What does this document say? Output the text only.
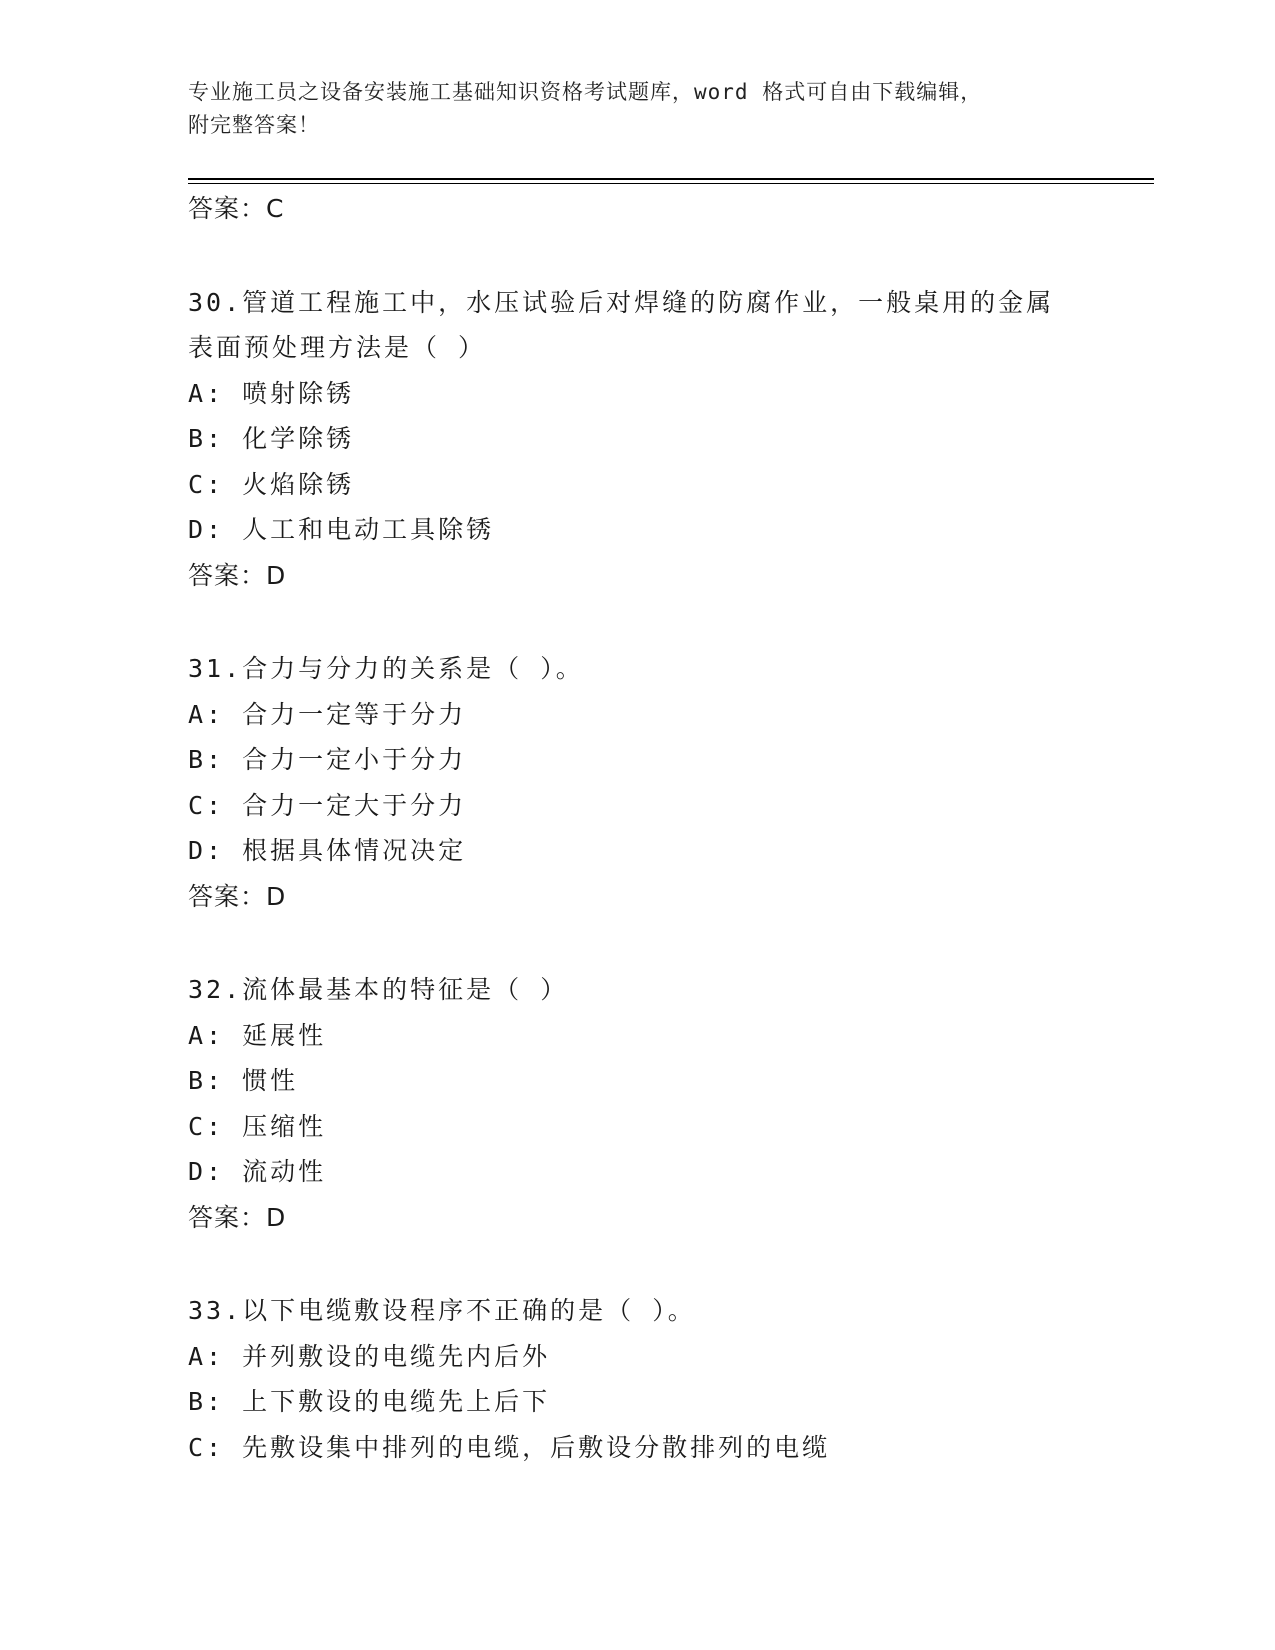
专业施工员之设备安装施工基础知识资格考试题库，word 格式可自由下载编辑，
附完整答案！
答案：C
30.管道工程施工中，水压试验后对焊缝的防腐作业，一般桌用的金属
表面预处理方法是（ ）
A: 喷射除锈
B: 化学除锈
C: 火焰除锈
D: 人工和电动工具除锈
答案：D
31.合力与分力的关系是（ ）。
A: 合力一定等于分力
B: 合力一定小于分力
C: 合力一定大于分力
D: 根据具体情况决定
答案：D
32.流体最基本的特征是（ ）
A: 延展性
B: 惯性
C: 压缩性
D: 流动性
答案：D
33.以下电缆敷设程序不正确的是（ ）。
A: 并列敷设的电缆先内后外
B: 上下敷设的电缆先上后下
C: 先敷设集中排列的电缆，后敷设分散排列的电缆
